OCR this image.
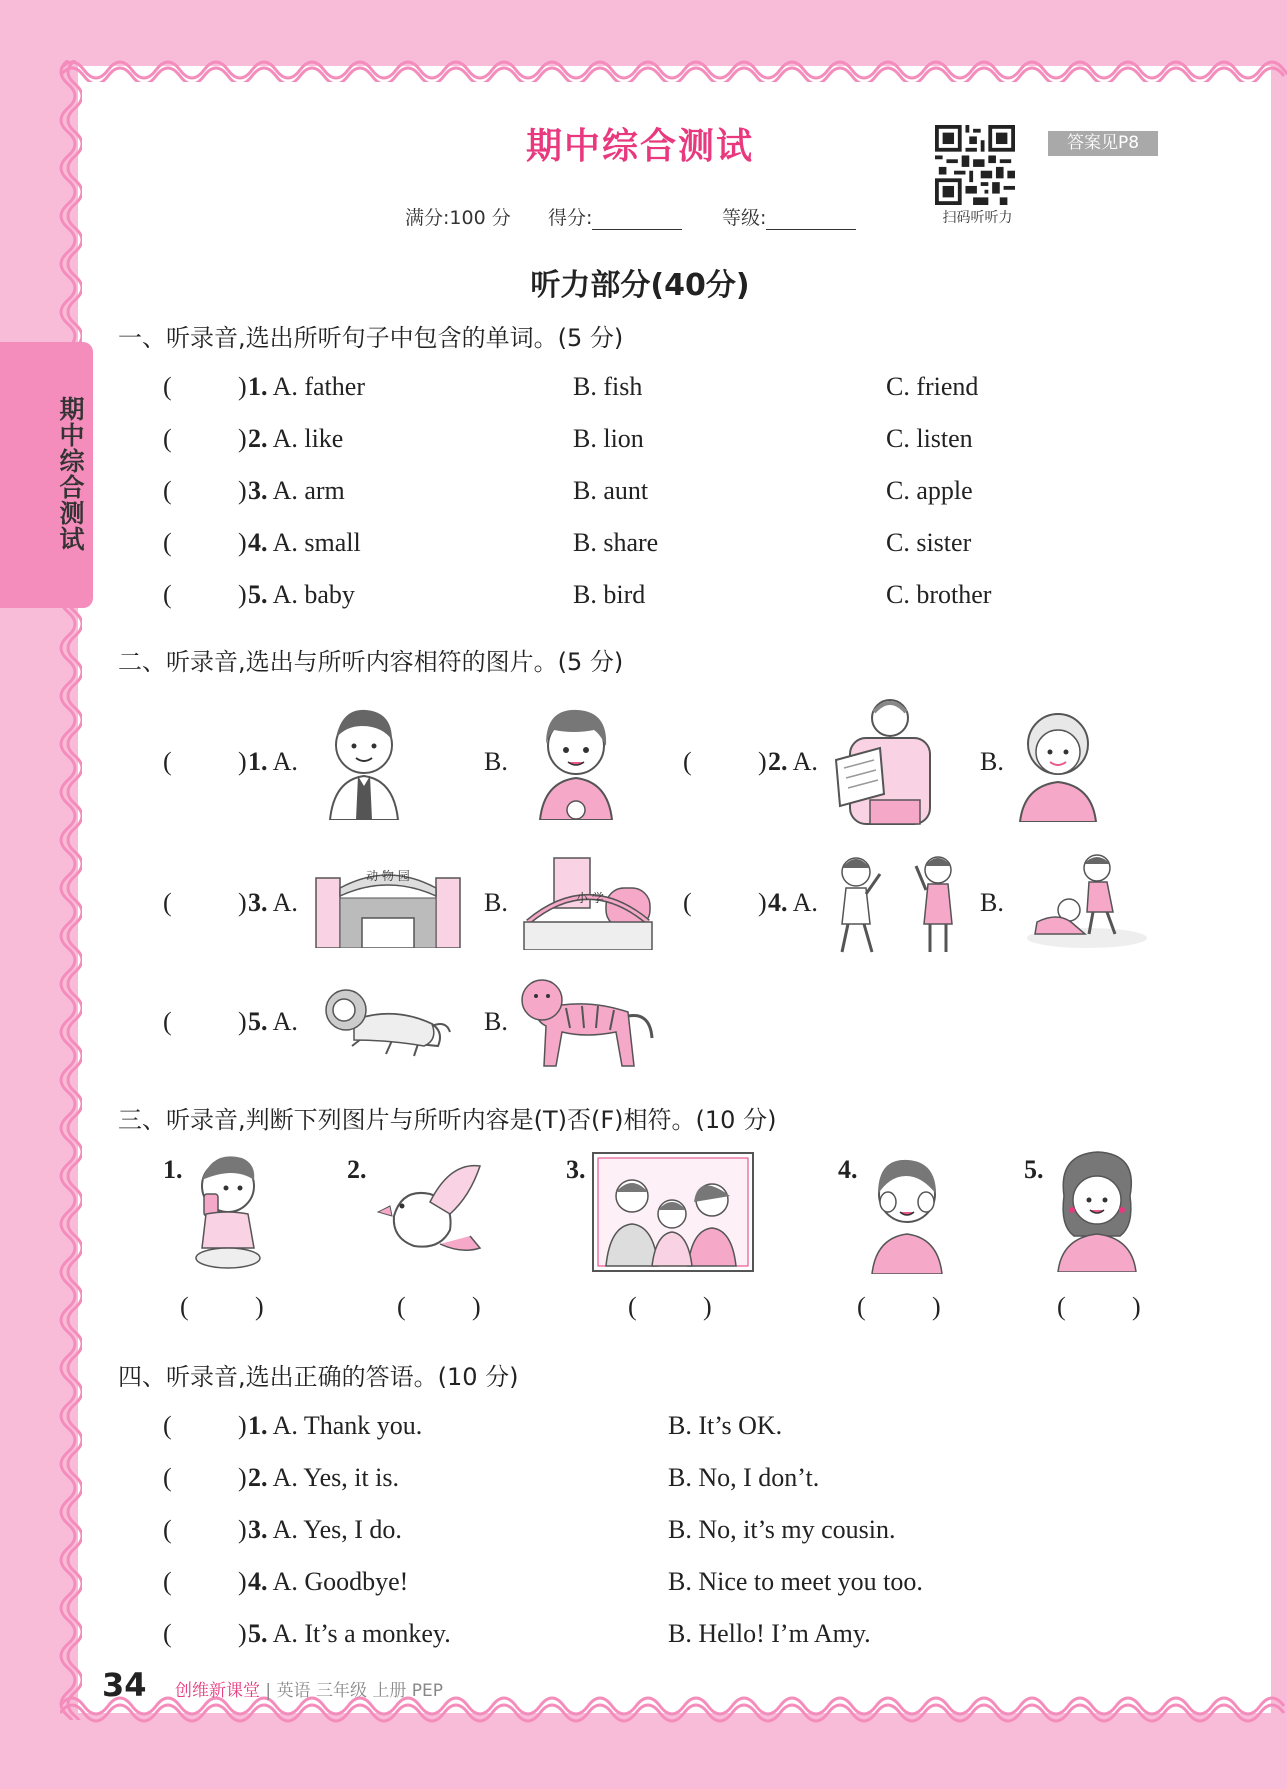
期中综合测试
期中综合测试
扫码听听力
答案见P8
满分:100 分 得分:	等级:
听力部分(40分)
一、听录音,选出所听句子中包含的单词。(5 分)
(	) 1. A. father	B. fish	C. friend
(	) 2. A. like	B. lion	C. listen
(	) 3. A. arm	B. aunt	C. apple
(	) 4. A. small	B. share	C. sister
(	) 5. A. baby	B. bird	C. brother
二、听录音,选出与所听内容相符的图片。(5 分)
(	) 1. A.	B.	(	) 2. A.	B.
(	) 3. A.
动 物 园
B.	小 学	(	) 4. A.	B.
(	) 5. A.	B.
三、听录音,判断下列图片与所听内容是(T)否(F)相符。(10 分)
1.
(	)
2.
(	)
3.
(	)
4.
(	)
5.
(	)
四、听录音,选出正确的答语。(10 分)
(	) 1. A. Thank you.	B. It’s OK.
(	) 2. A. Yes, it is.	B. No, I don’t.
(	) 3. A. Yes, I do.	B. No, it’s my cousin.
(	) 4. A. Goodbye!	B. Nice to meet you too.
(	) 5. A. It’s a monkey.	B. Hello! I’m Amy.
34 创维新课堂 | 英语 三年级 上册 PEP
